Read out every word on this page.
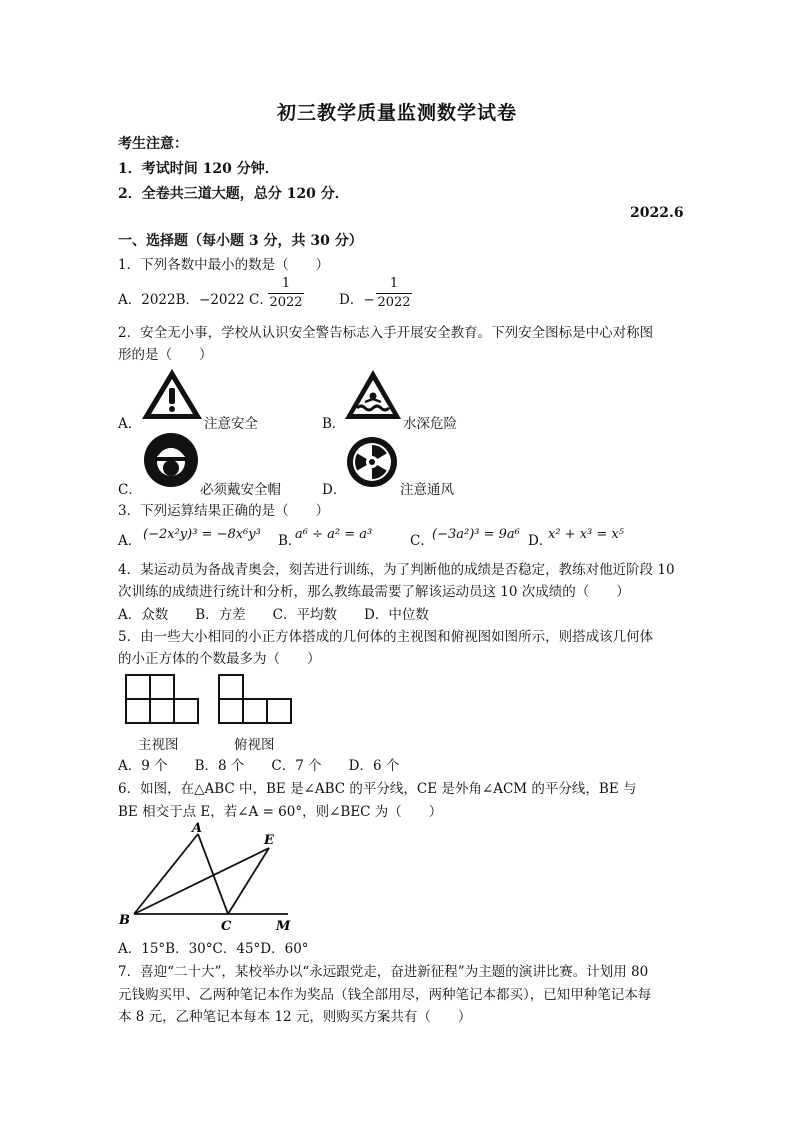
初三教学质量监测数学试卷
考生注意：
1．考试时间 120 分钟．
2．全卷共三道大题，总分 120 分．
2022.6
一、选择题（每小题 3 分，共 30 分）
1．下列各数中最小的数是（　　）
A．2022B．−2022 C．
1
2022	D．−
1
2022
2．安全无小事，学校从认识安全警告标志入手开展安全教育。下列安全图标是中心对称图
形的是（　　）
A．	注意安全	B．	水深危险
C．	必须戴安全帽	D．	注意通风
3．下列运算结果正确的是（　　）
A． (−2x²y)³ = −8x⁶y³ B．
a⁶ ÷ a² = a³	C．
(−3a²)³ = 9a⁶ D．
x² + x³ = x⁵
4．某运动员为备战青奥会，刻苦进行训练，为了判断他的成绩是否稳定，教练对他近阶段 10
次训练的成绩进行统计和分析，那么教练最需要了解该运动员这 10 次成绩的（　　）
A．众数　　B．方差　　C．平均数　　D．中位数
5．由一些大小相同的小正方体搭成的几何体的主视图和俯视图如图所示，则搭成该几何体
的小正方体的个数最多为（　　）
主视图	俯视图
A．9 个　　B．8 个　　C．7 个　　D．6 个
6．如图，在△ABC 中，BE 是∠ABC 的平分线，CE 是外角∠ACM 的平分线，BE 与
BE 相交于点 E，若∠A = 60°，则∠BEC 为（　　）
A
B	C
E
M
A．15°B．30°C．45°D．60°
7．喜迎“二十大”，某校举办以“永远跟党走，奋进新征程”为主题的演讲比赛。计划用 80
元钱购买甲、乙两种笔记本作为奖品（钱全部用尽，两种笔记本都买），已知甲种笔记本每
本 8 元，乙种笔记本每本 12 元，则购买方案共有（　　）
